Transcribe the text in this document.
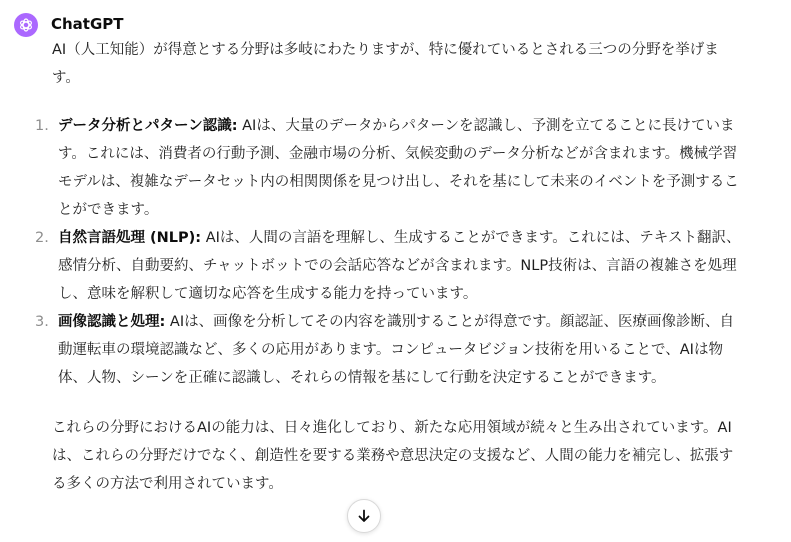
ChatGPT

AI（人工知能）が得意とする分野は多岐にわたりますが、特に優れているとされる三つの分野を挙げます。

1. データ分析とパターン認識: AIは、大量のデータからパターンを認識し、予測を立てることに長けています。これには、消費者の行動予測、金融市場の分析、気候変動のデータ分析などが含まれます。機械学習モデルは、複雑なデータセット内の相関関係を見つけ出し、それを基にして未来のイベントを予測することができます。
2. 自然言語処理 (NLP): AIは、人間の言語を理解し、生成することができます。これには、テキスト翻訳、感情分析、自動要約、チャットボットでの会話応答などが含まれます。NLP技術は、言語の複雑さを処理し、意味を解釈して適切な応答を生成する能力を持っています。
3. 画像認識と処理: AIは、画像を分析してその内容を識別することが得意です。顔認証、医療画像診断、自動運転車の環境認識など、多くの応用があります。コンピュータビジョン技術を用いることで、AIは物体、人物、シーンを正確に認識し、それらの情報を基にして行動を決定することができます。

これらの分野におけるAIの能力は、日々進化しており、新たな応用領域が続々と生み出されています。AIは、これらの分野だけでなく、創造性を要する業務や意思決定の支援など、人間の能力を補完し、拡張する多くの方法で利用されています。
